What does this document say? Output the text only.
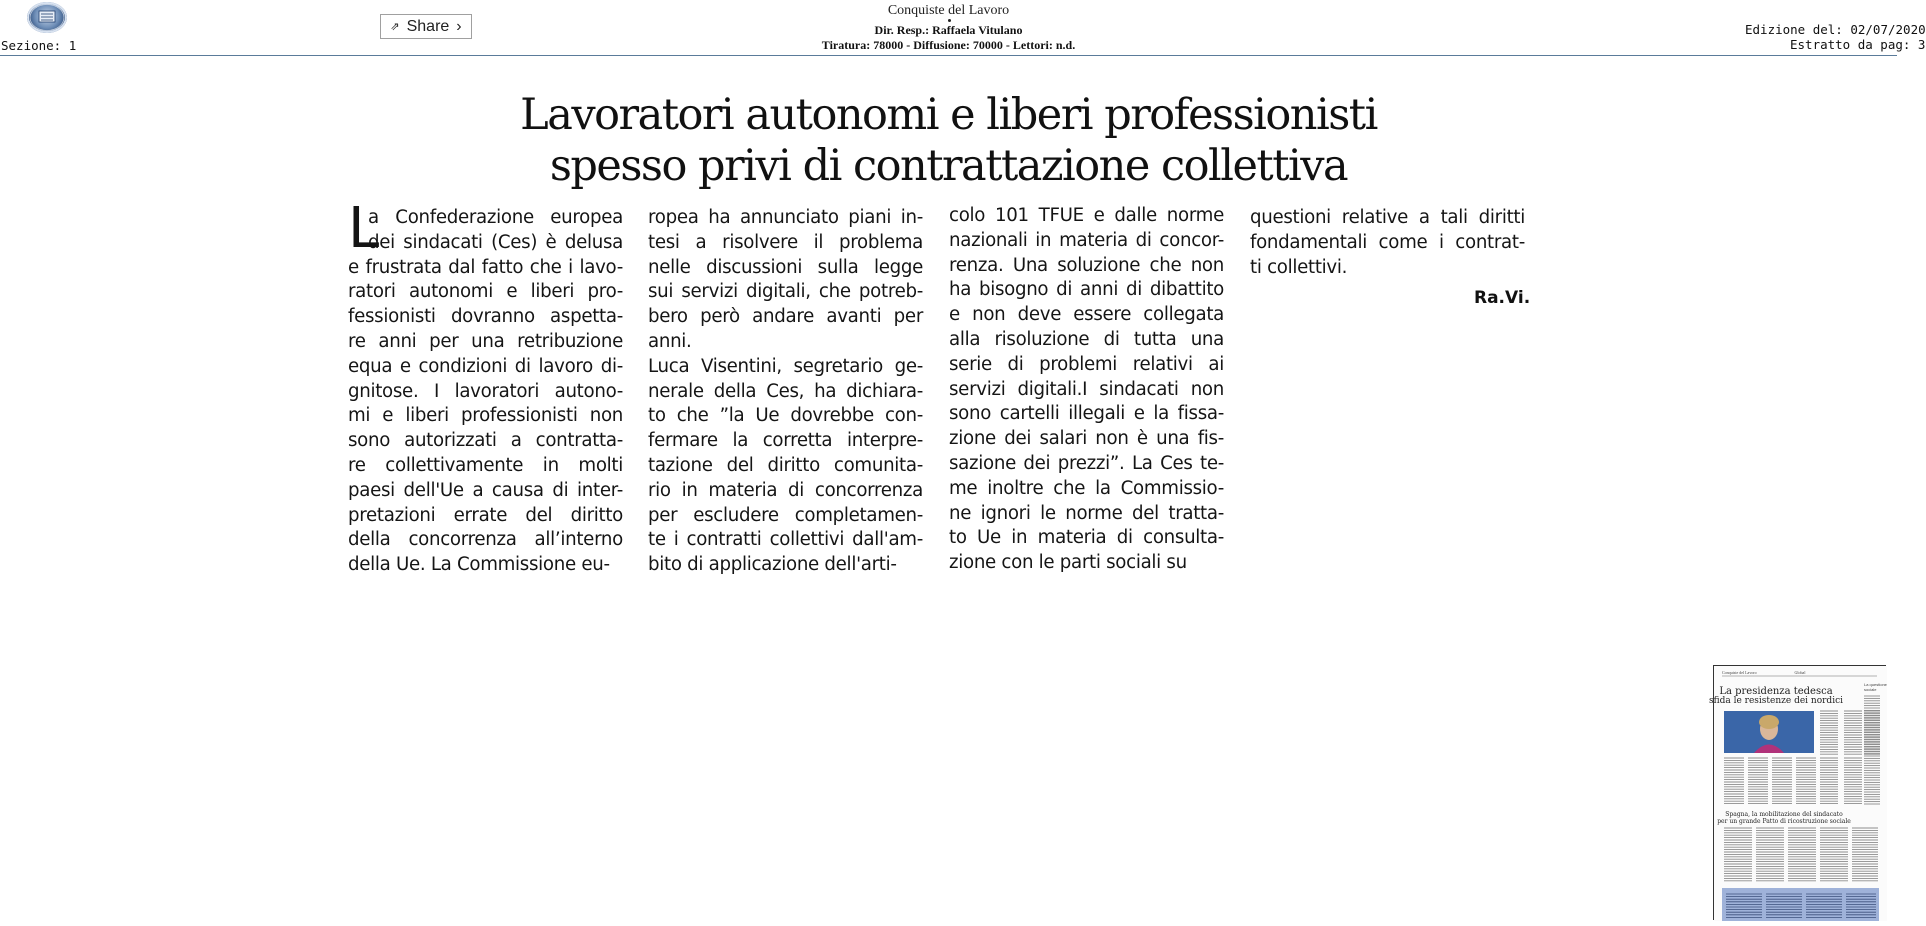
Sezione: 1
⇗ Share ›
Conquiste del Lavoro
Dir. Resp.: Raffaela Vitulano
Tiratura: 78000 - Diffusione: 70000 - Lettori: n.d.
Edizione del: 02/07/2020
Estratto da pag: 3
Lavoratori autonomi e liberi professionisti
spesso privi di contrattazione collettiva
L
a Confederazione europea
dei sindacati (Ces) è delusa
e frustrata dal fatto che i lavo-
ratori autonomi e liberi pro-
fessionisti dovranno aspetta-
re anni per una retribuzione
equa e condizioni di lavoro di-
gnitose. I lavoratori autono-
mi e liberi professionisti non
sono autorizzati a contratta-
re collettivamente in molti
paesi dell'Ue a causa di inter-
pretazioni errate del diritto
della concorrenza all’interno
della Ue. La Commissione eu-
ropea ha annunciato piani in-
tesi a risolvere il problema
nelle discussioni sulla legge
sui servizi digitali, che potreb-
bero però andare avanti per
anni.
Luca Visentini, segretario ge-
nerale della Ces, ha dichiara-
to che ”la Ue dovrebbe con-
fermare la corretta interpre-
tazione del diritto comunita-
rio in materia di concorrenza
per escludere completamen-
te i contratti collettivi dall'am-
bito di applicazione dell'arti-
colo 101 TFUE e dalle norme
nazionali in materia di concor-
renza. Una soluzione che non
ha bisogno di anni di dibattito
e non deve essere collegata
alla risoluzione di tutta una
serie di problemi relativi ai
servizi digitali.I sindacati non
sono cartelli illegali e la fissa-
zione dei salari non è una fis-
sazione dei prezzi”. La Ces te-
me inoltre che la Commissio-
ne ignori le norme del tratta-
to Ue in materia di consulta-
zione con le parti sociali su
questioni relative a tali diritti
fondamentali come i contrat-
ti collettivi.
Ra.Vi.
Conquiste del Lavoro	Global
La presidenza tedesca
sfida le resistenze dei nordici
La questione
sociale
Spagna, la mobilitazione del sindacato
per un grande Patto di ricostruzione sociale
